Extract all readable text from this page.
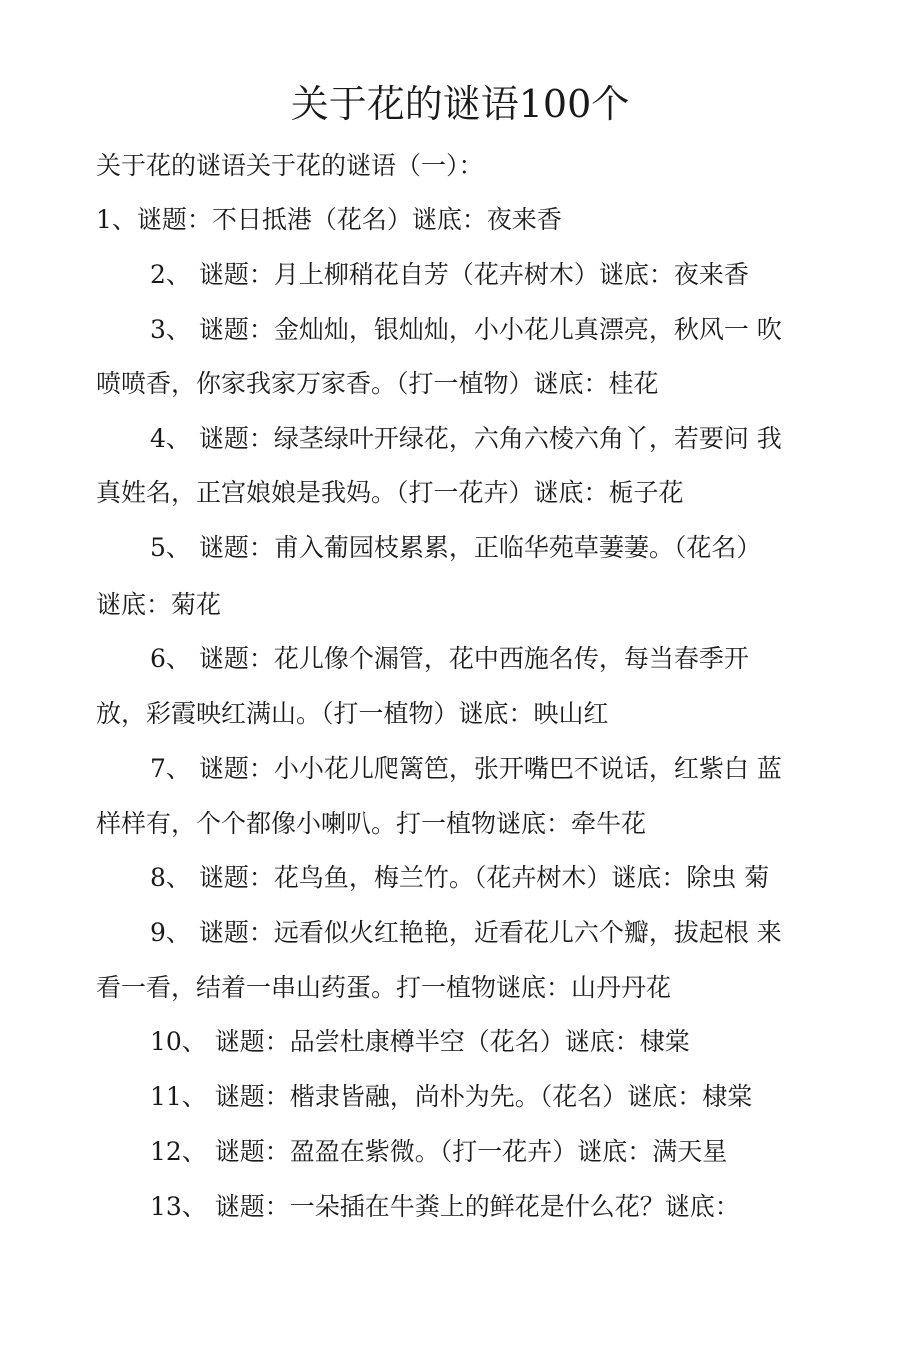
关于花的谜语100个

关于花的谜语关于花的谜语（一）：

1、谜题：不日抵港（花名）谜底：夜来香

2、 谜题：月上柳稍花自芳（花卉树木）谜底：夜来香

3、 谜题：金灿灿，银灿灿，小小花儿真漂亮，秋风一 吹

喷喷香，你家我家万家香。（打一植物）谜底：桂花

4、 谜题：绿茎绿叶开绿花，六角六棱六角丫，若要问 我

真姓名，正宫娘娘是我妈。（打一花卉）谜底：栀子花

5、 谜题：甫入葡园枝累累，正临华苑草萋萋。（花名）

谜底：菊花

6、 谜题：花儿像个漏管，花中西施名传，每当春季开

放，彩霞映红满山。（打一植物）谜底：映山红

7、 谜题：小小花儿爬篱笆，张开嘴巴不说话，红紫白 蓝

样样有，个个都像小喇叭。打一植物谜底：牵牛花

8、 谜题：花鸟鱼，梅兰竹。（花卉树木）谜底：除虫 菊

9、 谜题：远看似火红艳艳，近看花儿六个瓣，拔起根 来

看一看，结着一串山药蛋。打一植物谜底：山丹丹花

10、 谜题：品尝杜康樽半空（花名）谜底：棣棠

11、 谜题：楷隶皆融，尚朴为先。（花名）谜底：棣棠

12、 谜题：盈盈在紫微。（打一花卉）谜底：满天星

13、 谜题：一朵插在牛粪上的鲜花是什么花？谜底：
